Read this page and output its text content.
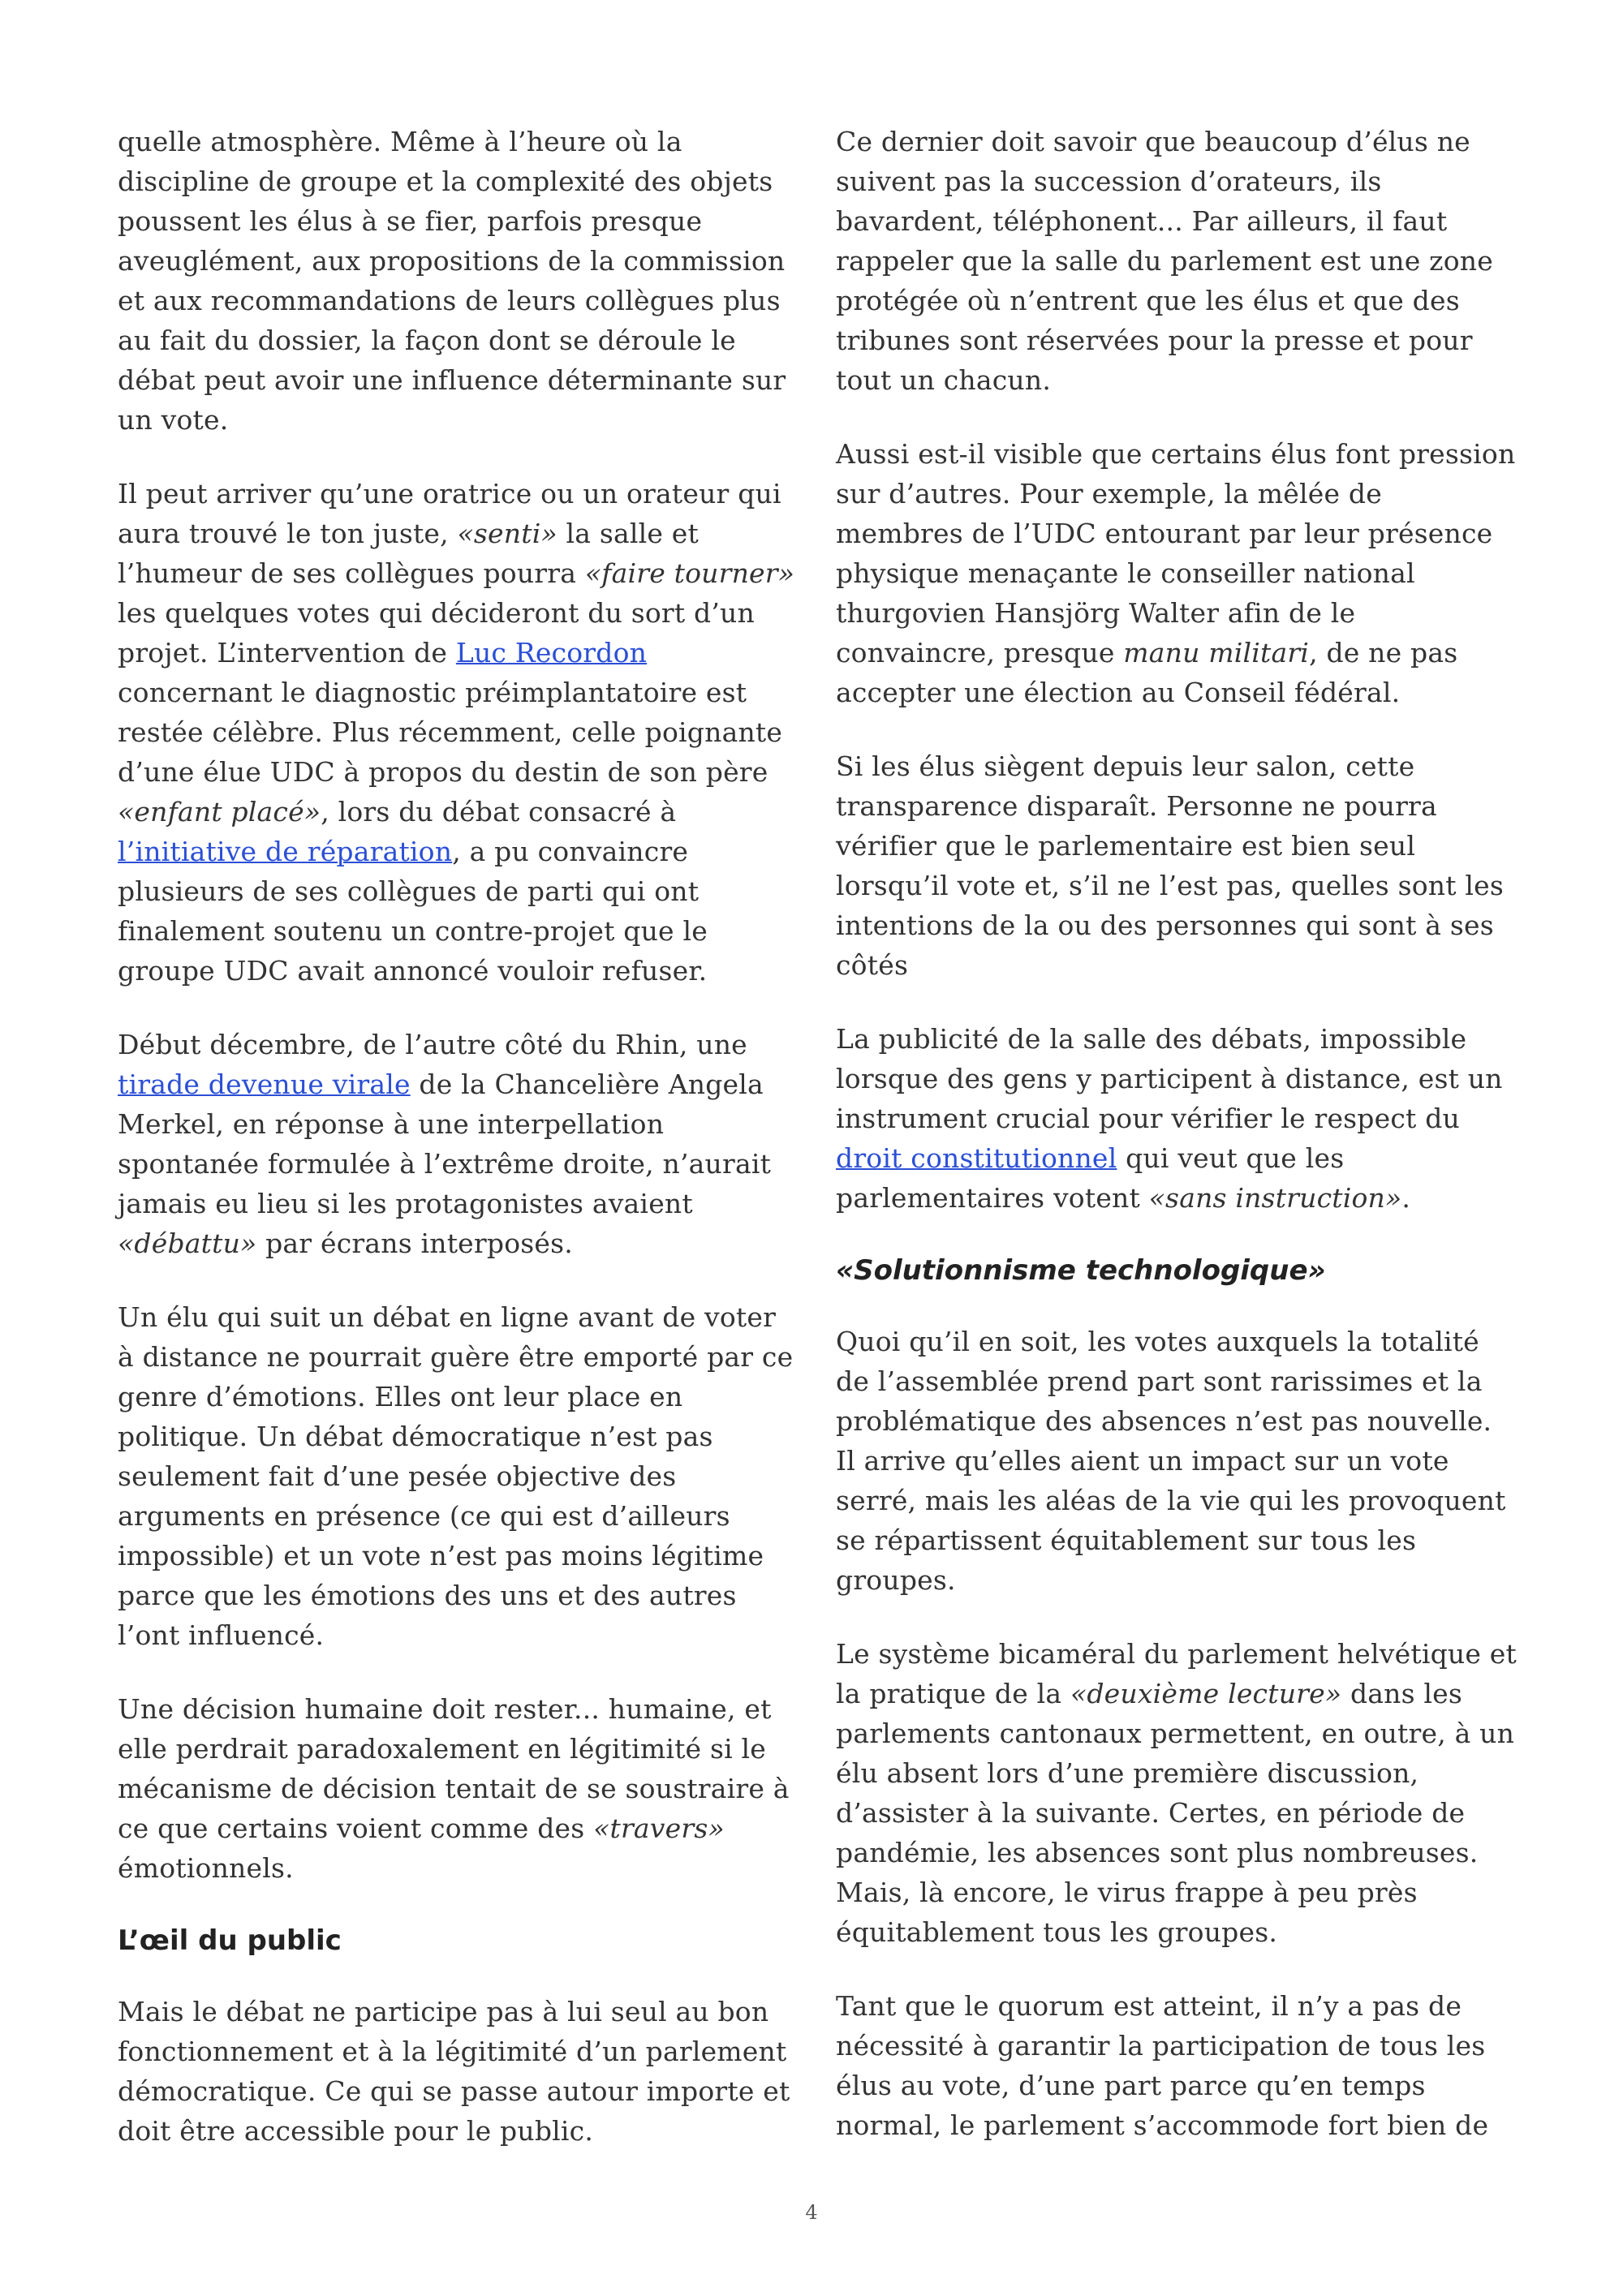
quelle atmosphère. Même à l’heure où la discipline de groupe et la complexité des objets poussent les élus à se fier, parfois presque aveuglément, aux propositions de la commission et aux recommandations de leurs collègues plus au fait du dossier, la façon dont se déroule le débat peut avoir une influence déterminante sur un vote.

Il peut arriver qu’une oratrice ou un orateur qui aura trouvé le ton juste, «senti» la salle et l’humeur de ses collègues pourra «faire tourner» les quelques votes qui décideront du sort d’un projet. L’intervention de Luc Recordon concernant le diagnostic préimplantatoire est restée célèbre. Plus récemment, celle poignante d’une élue UDC à propos du destin de son père «enfant placé», lors du débat consacré à l’initiative de réparation, a pu convaincre plusieurs de ses collègues de parti qui ont finalement soutenu un contre-projet que le groupe UDC avait annoncé vouloir refuser.

Début décembre, de l’autre côté du Rhin, une tirade devenue virale de la Chancelière Angela Merkel, en réponse à une interpellation spontanée formulée à l’extrême droite, n’aurait jamais eu lieu si les protagonistes avaient «débattu» par écrans interposés.

Un élu qui suit un débat en ligne avant de voter à distance ne pourrait guère être emporté par ce genre d’émotions. Elles ont leur place en politique. Un débat démocratique n’est pas seulement fait d’une pesée objective des arguments en présence (ce qui est d’ailleurs impossible) et un vote n’est pas moins légitime parce que les émotions des uns et des autres l’ont influencé.

Une décision humaine doit rester... humaine, et elle perdrait paradoxalement en légitimité si le mécanisme de décision tentait de se soustraire à ce que certains voient comme des «travers» émotionnels.

L’œil du public

Mais le débat ne participe pas à lui seul au bon fonctionnement et à la légitimité d’un parlement démocratique. Ce qui se passe autour importe et doit être accessible pour le public.

Ce dernier doit savoir que beaucoup d’élus ne suivent pas la succession d’orateurs, ils bavardent, téléphonent... Par ailleurs, il faut rappeler que la salle du parlement est une zone protégée où n’entrent que les élus et que des tribunes sont réservées pour la presse et pour tout un chacun.

Aussi est-il visible que certains élus font pression sur d’autres. Pour exemple, la mêlée de membres de l’UDC entourant par leur présence physique menaçante le conseiller national thurgovien Hansjörg Walter afin de le convaincre, presque manu militari, de ne pas accepter une élection au Conseil fédéral.

Si les élus siègent depuis leur salon, cette transparence disparaît. Personne ne pourra vérifier que le parlementaire est bien seul lorsqu’il vote et, s’il ne l’est pas, quelles sont les intentions de la ou des personnes qui sont à ses côtés

La publicité de la salle des débats, impossible lorsque des gens y participent à distance, est un instrument crucial pour vérifier le respect du droit constitutionnel qui veut que les parlementaires votent «sans instruction».

«Solutionnisme technologique»

Quoi qu’il en soit, les votes auxquels la totalité de l’assemblée prend part sont rarissimes et la problématique des absences n’est pas nouvelle. Il arrive qu’elles aient un impact sur un vote serré, mais les aléas de la vie qui les provoquent se répartissent équitablement sur tous les groupes.

Le système bicaméral du parlement helvétique et la pratique de la «deuxième lecture» dans les parlements cantonaux permettent, en outre, à un élu absent lors d’une première discussion, d’assister à la suivante. Certes, en période de pandémie, les absences sont plus nombreuses. Mais, là encore, le virus frappe à peu près équitablement tous les groupes.

Tant que le quorum est atteint, il n’y a pas de nécessité à garantir la participation de tous les élus au vote, d’une part parce qu’en temps normal, le parlement s’accommode fort bien de

4
